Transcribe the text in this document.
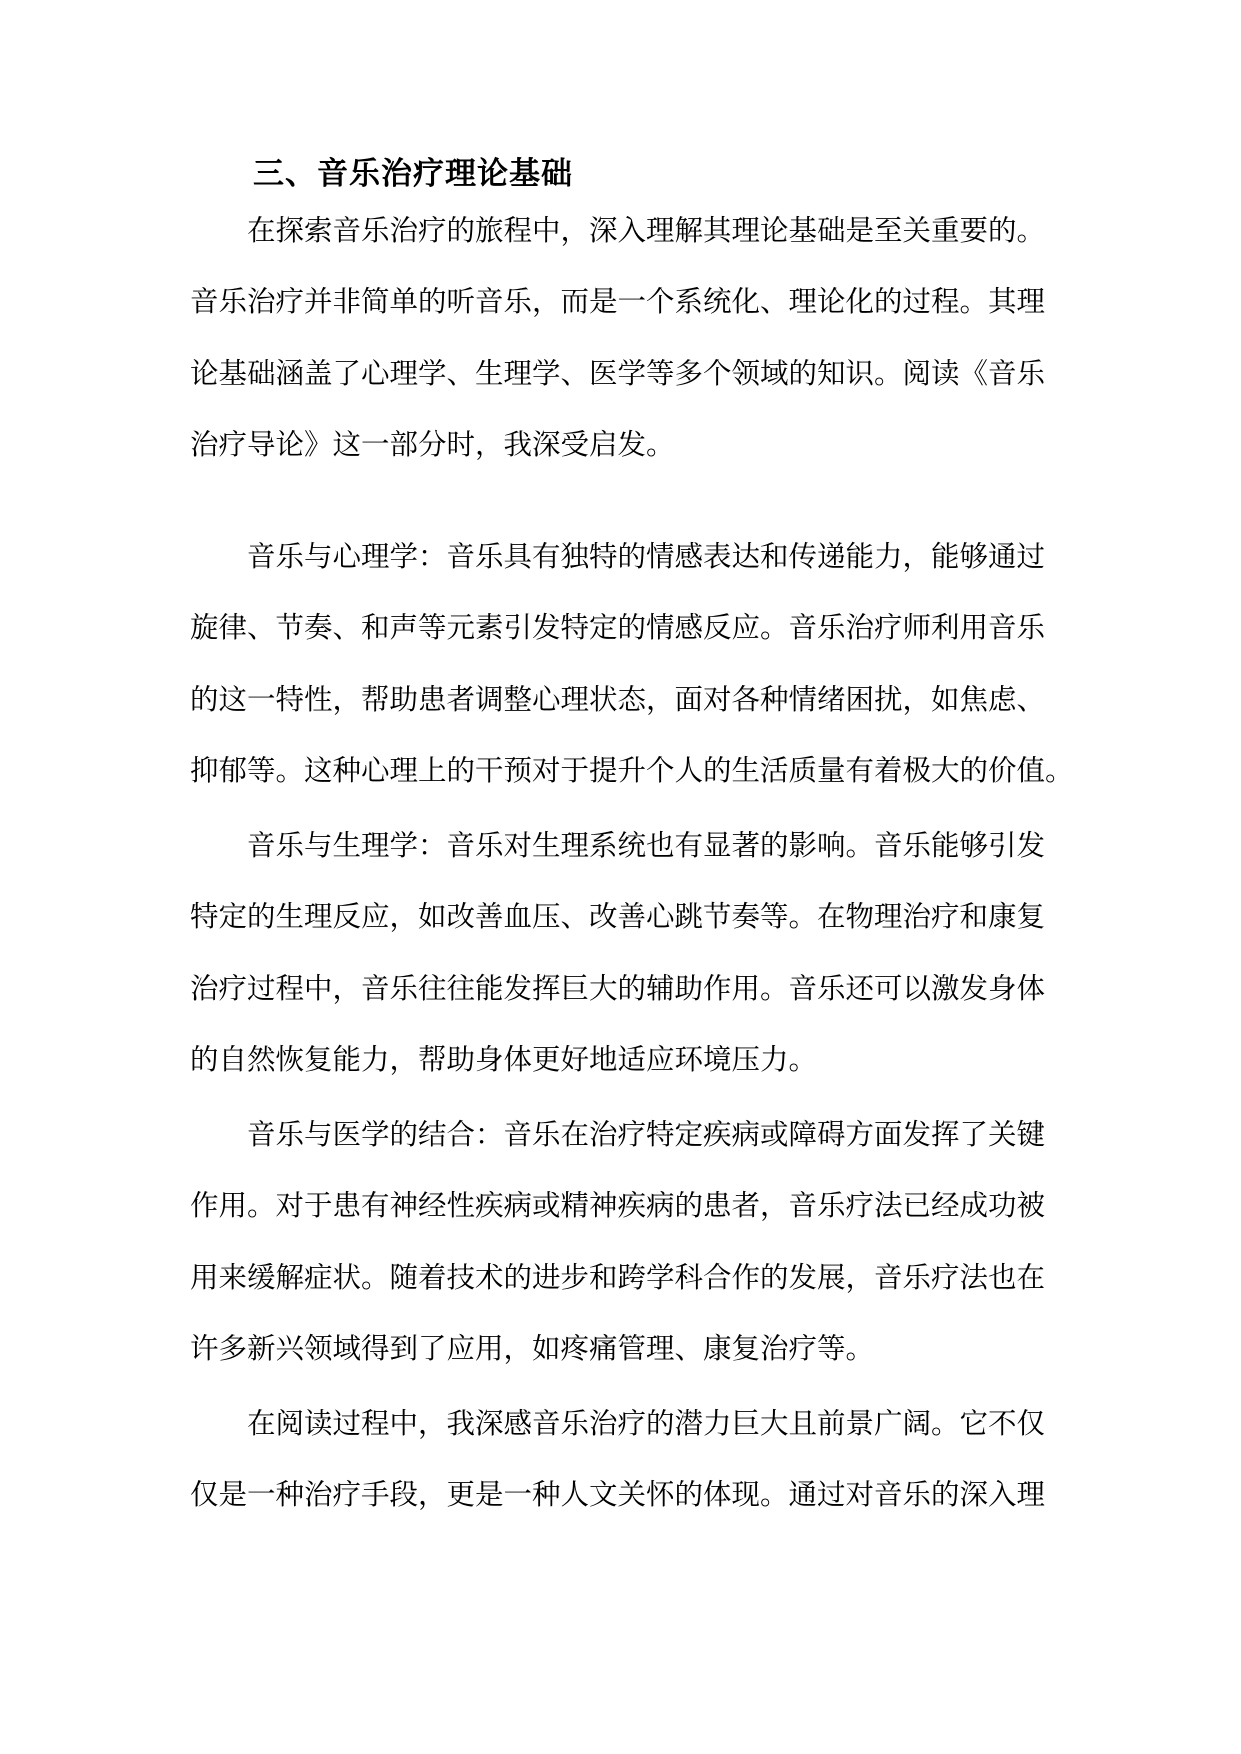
三、音乐治疗理论基础
在探索音乐治疗的旅程中，深入理解其理论基础是至关重要的。
音乐治疗并非简单的听音乐，而是一个系统化、理论化的过程。其理
论基础涵盖了心理学、生理学、医学等多个领域的知识。阅读《音乐
治疗导论》这一部分时，我深受启发。
音乐与心理学：音乐具有独特的情感表达和传递能力，能够通过
旋律、节奏、和声等元素引发特定的情感反应。音乐治疗师利用音乐
的这一特性，帮助患者调整心理状态，面对各种情绪困扰，如焦虑、
抑郁等。这种心理上的干预对于提升个人的生活质量有着极大的价值。
音乐与生理学：音乐对生理系统也有显著的影响。音乐能够引发
特定的生理反应，如改善血压、改善心跳节奏等。在物理治疗和康复
治疗过程中，音乐往往能发挥巨大的辅助作用。音乐还可以激发身体
的自然恢复能力，帮助身体更好地适应环境压力。
音乐与医学的结合：音乐在治疗特定疾病或障碍方面发挥了关键
作用。对于患有神经性疾病或精神疾病的患者，音乐疗法已经成功被
用来缓解症状。随着技术的进步和跨学科合作的发展，音乐疗法也在
许多新兴领域得到了应用，如疼痛管理、康复治疗等。
在阅读过程中，我深感音乐治疗的潜力巨大且前景广阔。它不仅
仅是一种治疗手段，更是一种人文关怀的体现。通过对音乐的深入理
